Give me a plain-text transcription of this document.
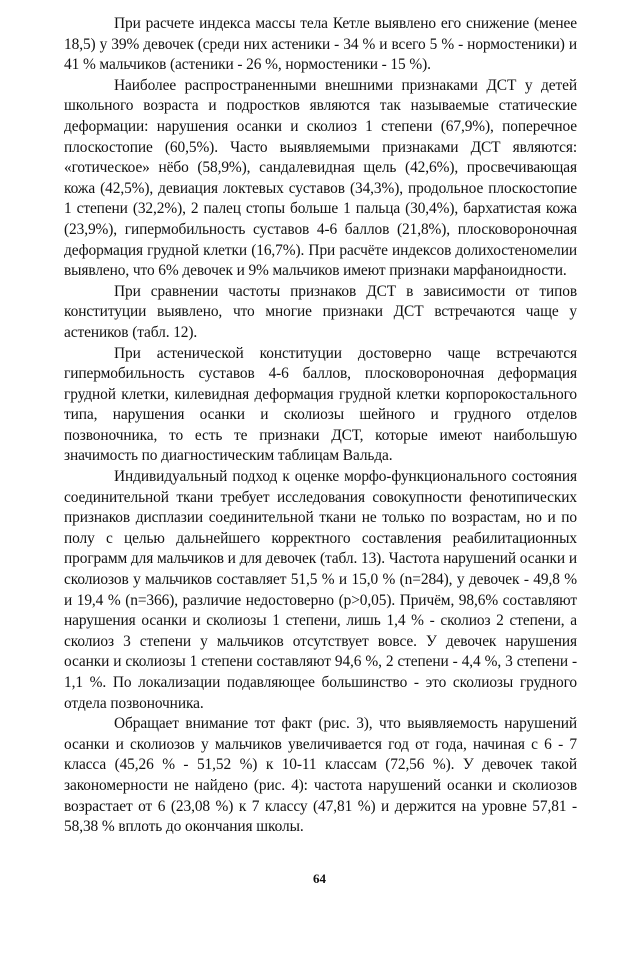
При расчете индекса массы тела Кетле выявлено его снижение (менее 18,5) у 39% девочек (среди них астеники - 34 % и всего 5 % - нормостеники) и 41 % мальчиков (астеники - 26 %, нормостеники - 15 %).

Наиболее распространенными внешними признаками ДСТ у детей школьного возраста и подростков являются так называемые статические деформации: нарушения осанки и сколиоз 1 степени (67,9%), поперечное плоскостопие (60,5%). Часто выявляемыми признаками ДСТ являются: «готическое» нёбо (58,9%), сандалевидная щель (42,6%), просвечивающая кожа (42,5%), девиация локтевых суставов (34,3%), продольное плоскостопие 1 степени (32,2%), 2 палец стопы больше 1 пальца (30,4%), бархатистая кожа (23,9%), гипермобильность суставов 4-6 баллов (21,8%), плосковороночная деформация грудной клетки (16,7%). При расчёте индексов долихостеномелии выявлено, что 6% девочек и 9% мальчиков имеют признаки марфаноидности.

При сравнении частоты признаков ДСТ в зависимости от типов конституции выявлено, что многие признаки ДСТ встречаются чаще у астеников (табл. 12).

При астенической конституции достоверно чаще встречаются гипермобильность суставов 4-6 баллов, плосковороночная деформация грудной клетки, килевидная деформация грудной клетки корпорокостального типа, нарушения осанки и сколиозы шейного и грудного отделов позвоночника, то есть те признаки ДСТ, которые имеют наибольшую значимость по диагностическим таблицам Вальда.

Индивидуальный подход к оценке морфо-функционального состояния соединительной ткани требует исследования совокупности фенотипических признаков дисплазии соединительной ткани не только по возрастам, но и по полу с целью дальнейшего корректного составления реабилитационных программ для мальчиков и для девочек (табл. 13). Частота нарушений осанки и сколиозов у мальчиков составляет 51,5 % и 15,0 % (n=284), у девочек - 49,8 % и 19,4 % (n=366), различие недостоверно (p>0,05). Причём, 98,6% составляют нарушения осанки и сколиозы 1 степени, лишь 1,4 % - сколиоз 2 степени, а сколиоз 3 степени у мальчиков отсутствует вовсе. У девочек нарушения осанки и сколиозы 1 степени составляют 94,6 %, 2 степени - 4,4 %, 3 степени - 1,1 %. По локализации подавляющее большинство - это сколиозы грудного отдела позвоночника.

Обращает внимание тот факт (рис. 3), что выявляемость нарушений осанки и сколиозов у мальчиков увеличивается год от года, начиная с 6 - 7 класса (45,26 % - 51,52 %) к 10-11 классам (72,56 %). У девочек такой закономерности не найдено (рис. 4): частота нарушений осанки и сколиозов возрастает от 6 (23,08 %) к 7 классу (47,81 %) и держится на уровне 57,81 - 58,38 % вплоть до окончания школы.

64
